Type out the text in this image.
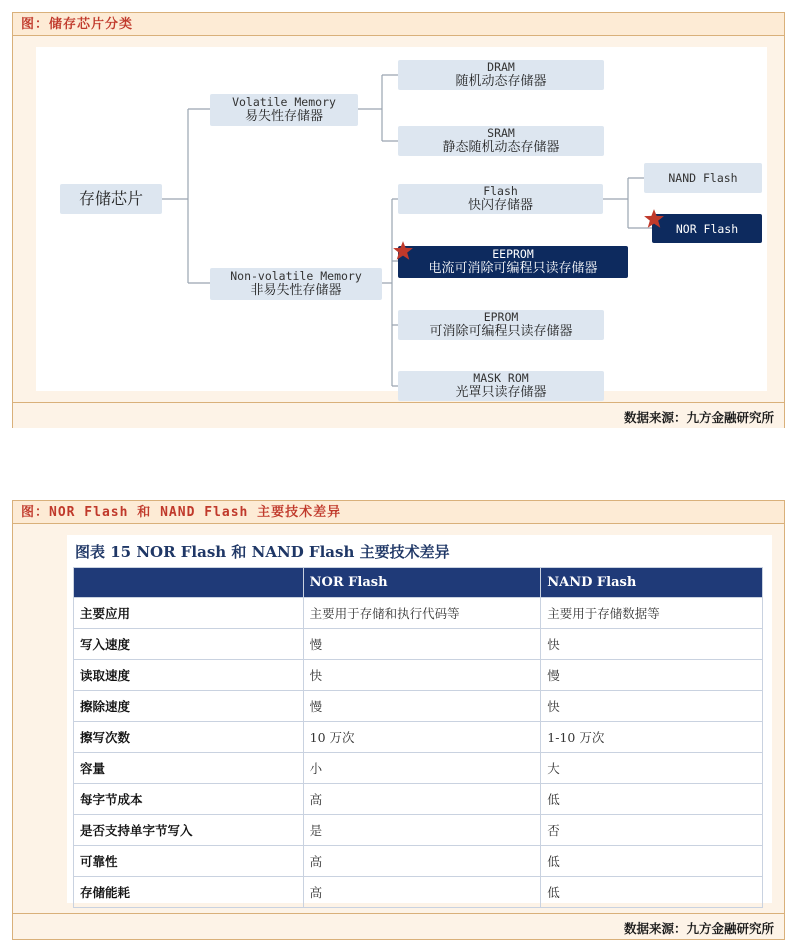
图：储存芯片分类
存储芯片
Volatile Memory
易失性存储器
Non-volatile Memory
非易失性存储器
DRAM
随机动态存储器
SRAM
静态随机动态存储器
Flash
快闪存储器
EEPROM
电流可消除可编程只读存储器
EPROM
可消除可编程只读存储器
MASK ROM
光罩只读存储器
NAND Flash
NOR Flash
数据来源：九方金融研究所
图：NOR Flash 和 NAND Flash 主要技术差异
图表 15 NOR Flash 和 NAND Flash 主要技术差异
	NOR Flash	NAND Flash
主要应用	主要用于存储和执行代码等	主要用于存储数据等
写入速度	慢	快
读取速度	快	慢
擦除速度	慢	快
擦写次数	10 万次	1-10 万次
容量	小	大
每字节成本	高	低
是否支持单字节写入	是	否
可靠性	高	低
存储能耗	高	低
数据来源：九方金融研究所
